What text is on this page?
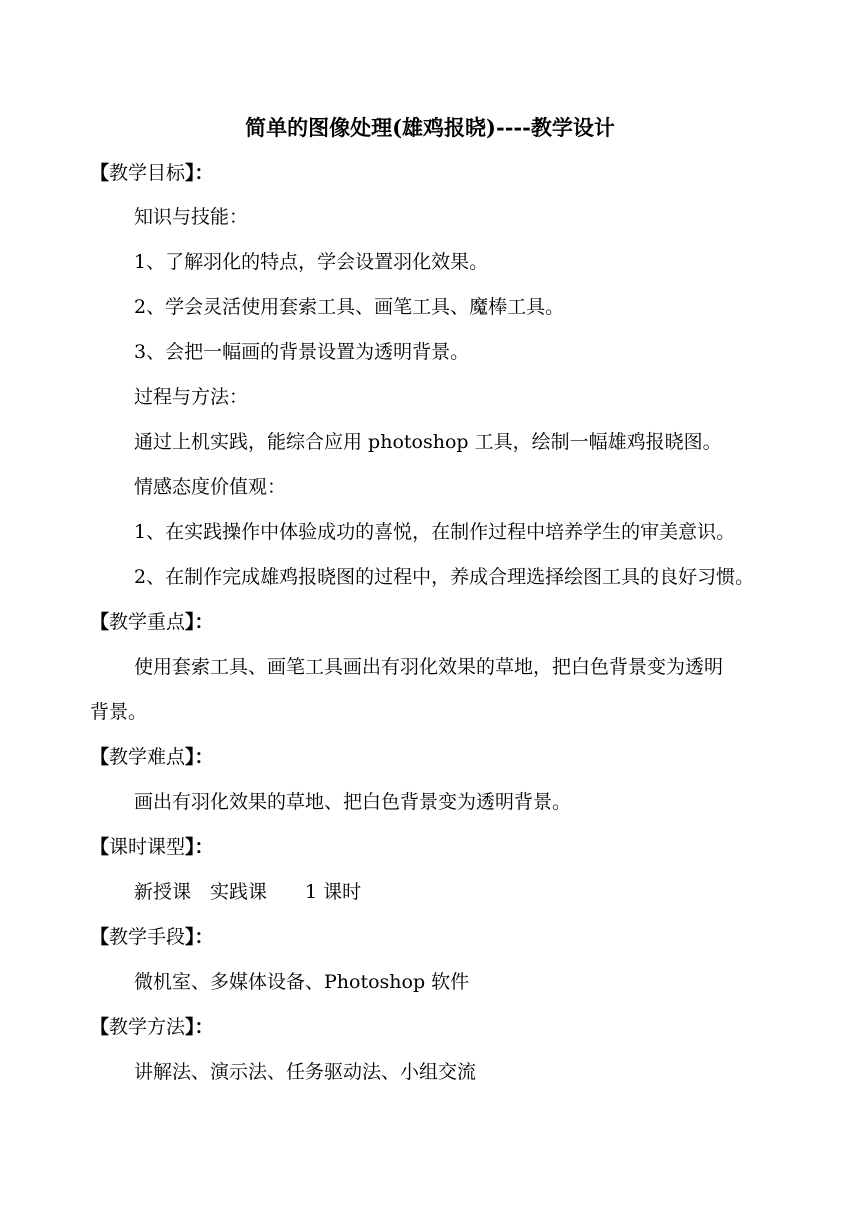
简单的图像处理(雄鸡报晓)----教学设计
【教学目标】：
知识与技能：
1、了解羽化的特点，学会设置羽化效果。
2、学会灵活使用套索工具、画笔工具、魔棒工具。
3、会把一幅画的背景设置为透明背景。
过程与方法：
通过上机实践，能综合应用 photoshop 工具，绘制一幅雄鸡报晓图。
情感态度价值观：
1、在实践操作中体验成功的喜悦，在制作过程中培养学生的审美意识。
2、在制作完成雄鸡报晓图的过程中，养成合理选择绘图工具的良好习惯。
【教学重点】：
使用套索工具、画笔工具画出有羽化效果的草地，把白色背景变为透明
背景。
【教学难点】：
画出有羽化效果的草地、把白色背景变为透明背景。
【课时课型】：
新授课　实践课　　1 课时
【教学手段】：
微机室、多媒体设备、Photoshop 软件
【教学方法】：
讲解法、演示法、任务驱动法、小组交流
